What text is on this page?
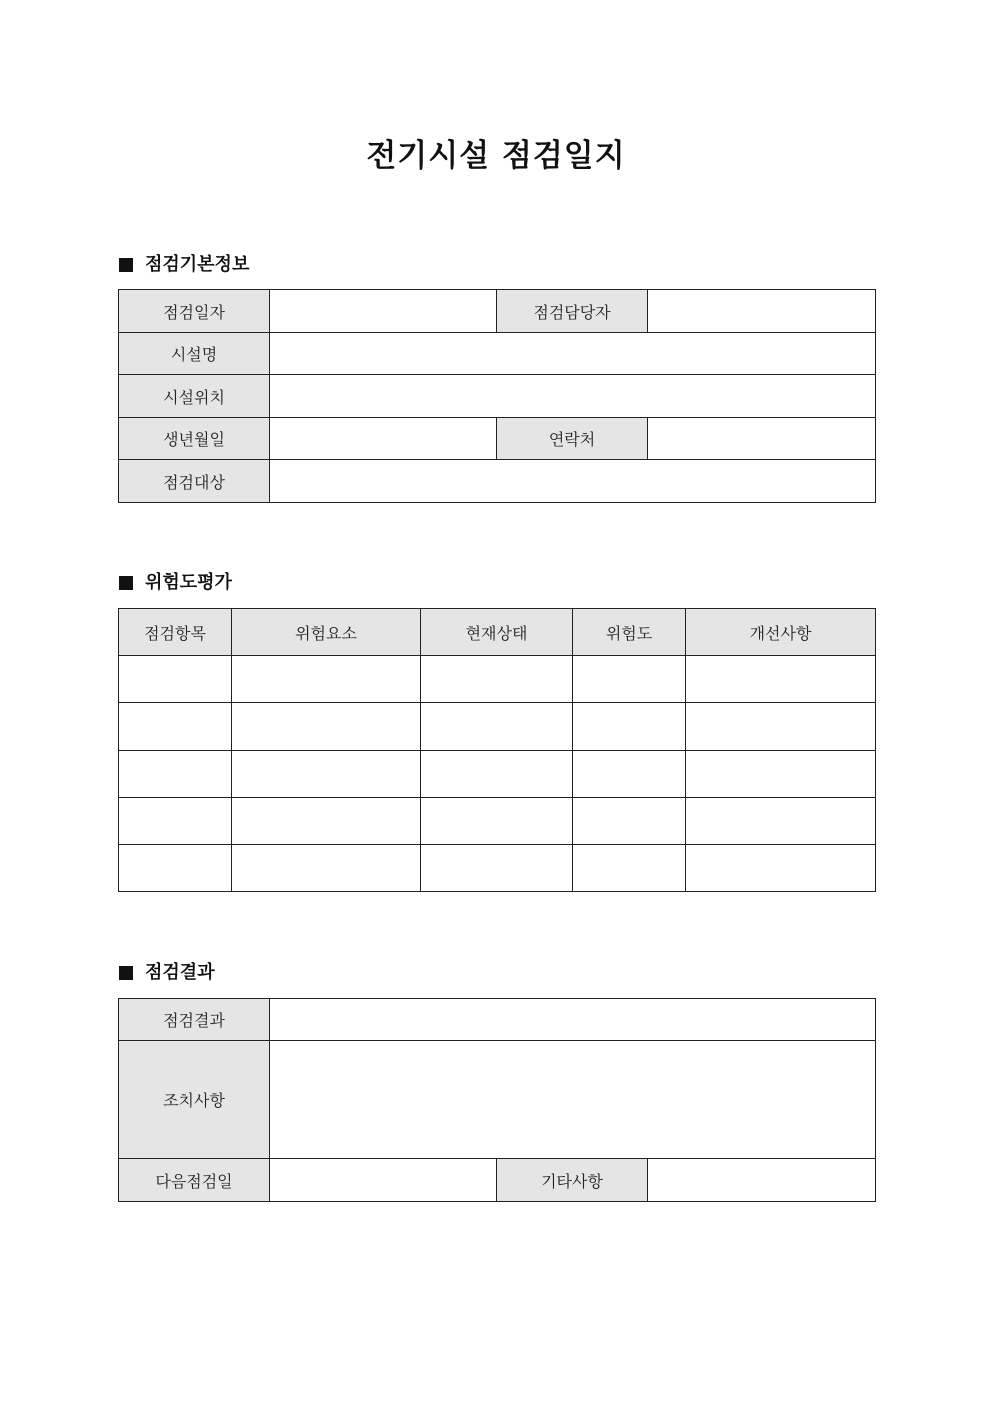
전기시설 점검일지
점검기본정보
점검일자		점검담당자	
시설명			
시설위치			
생년월일		연락처	
점검대상			
위험도평가
점검항목	위험요소	현재상태	위험도	개선사항

점검결과
점검결과			
조치사항			
다음점검일		기타사항	
